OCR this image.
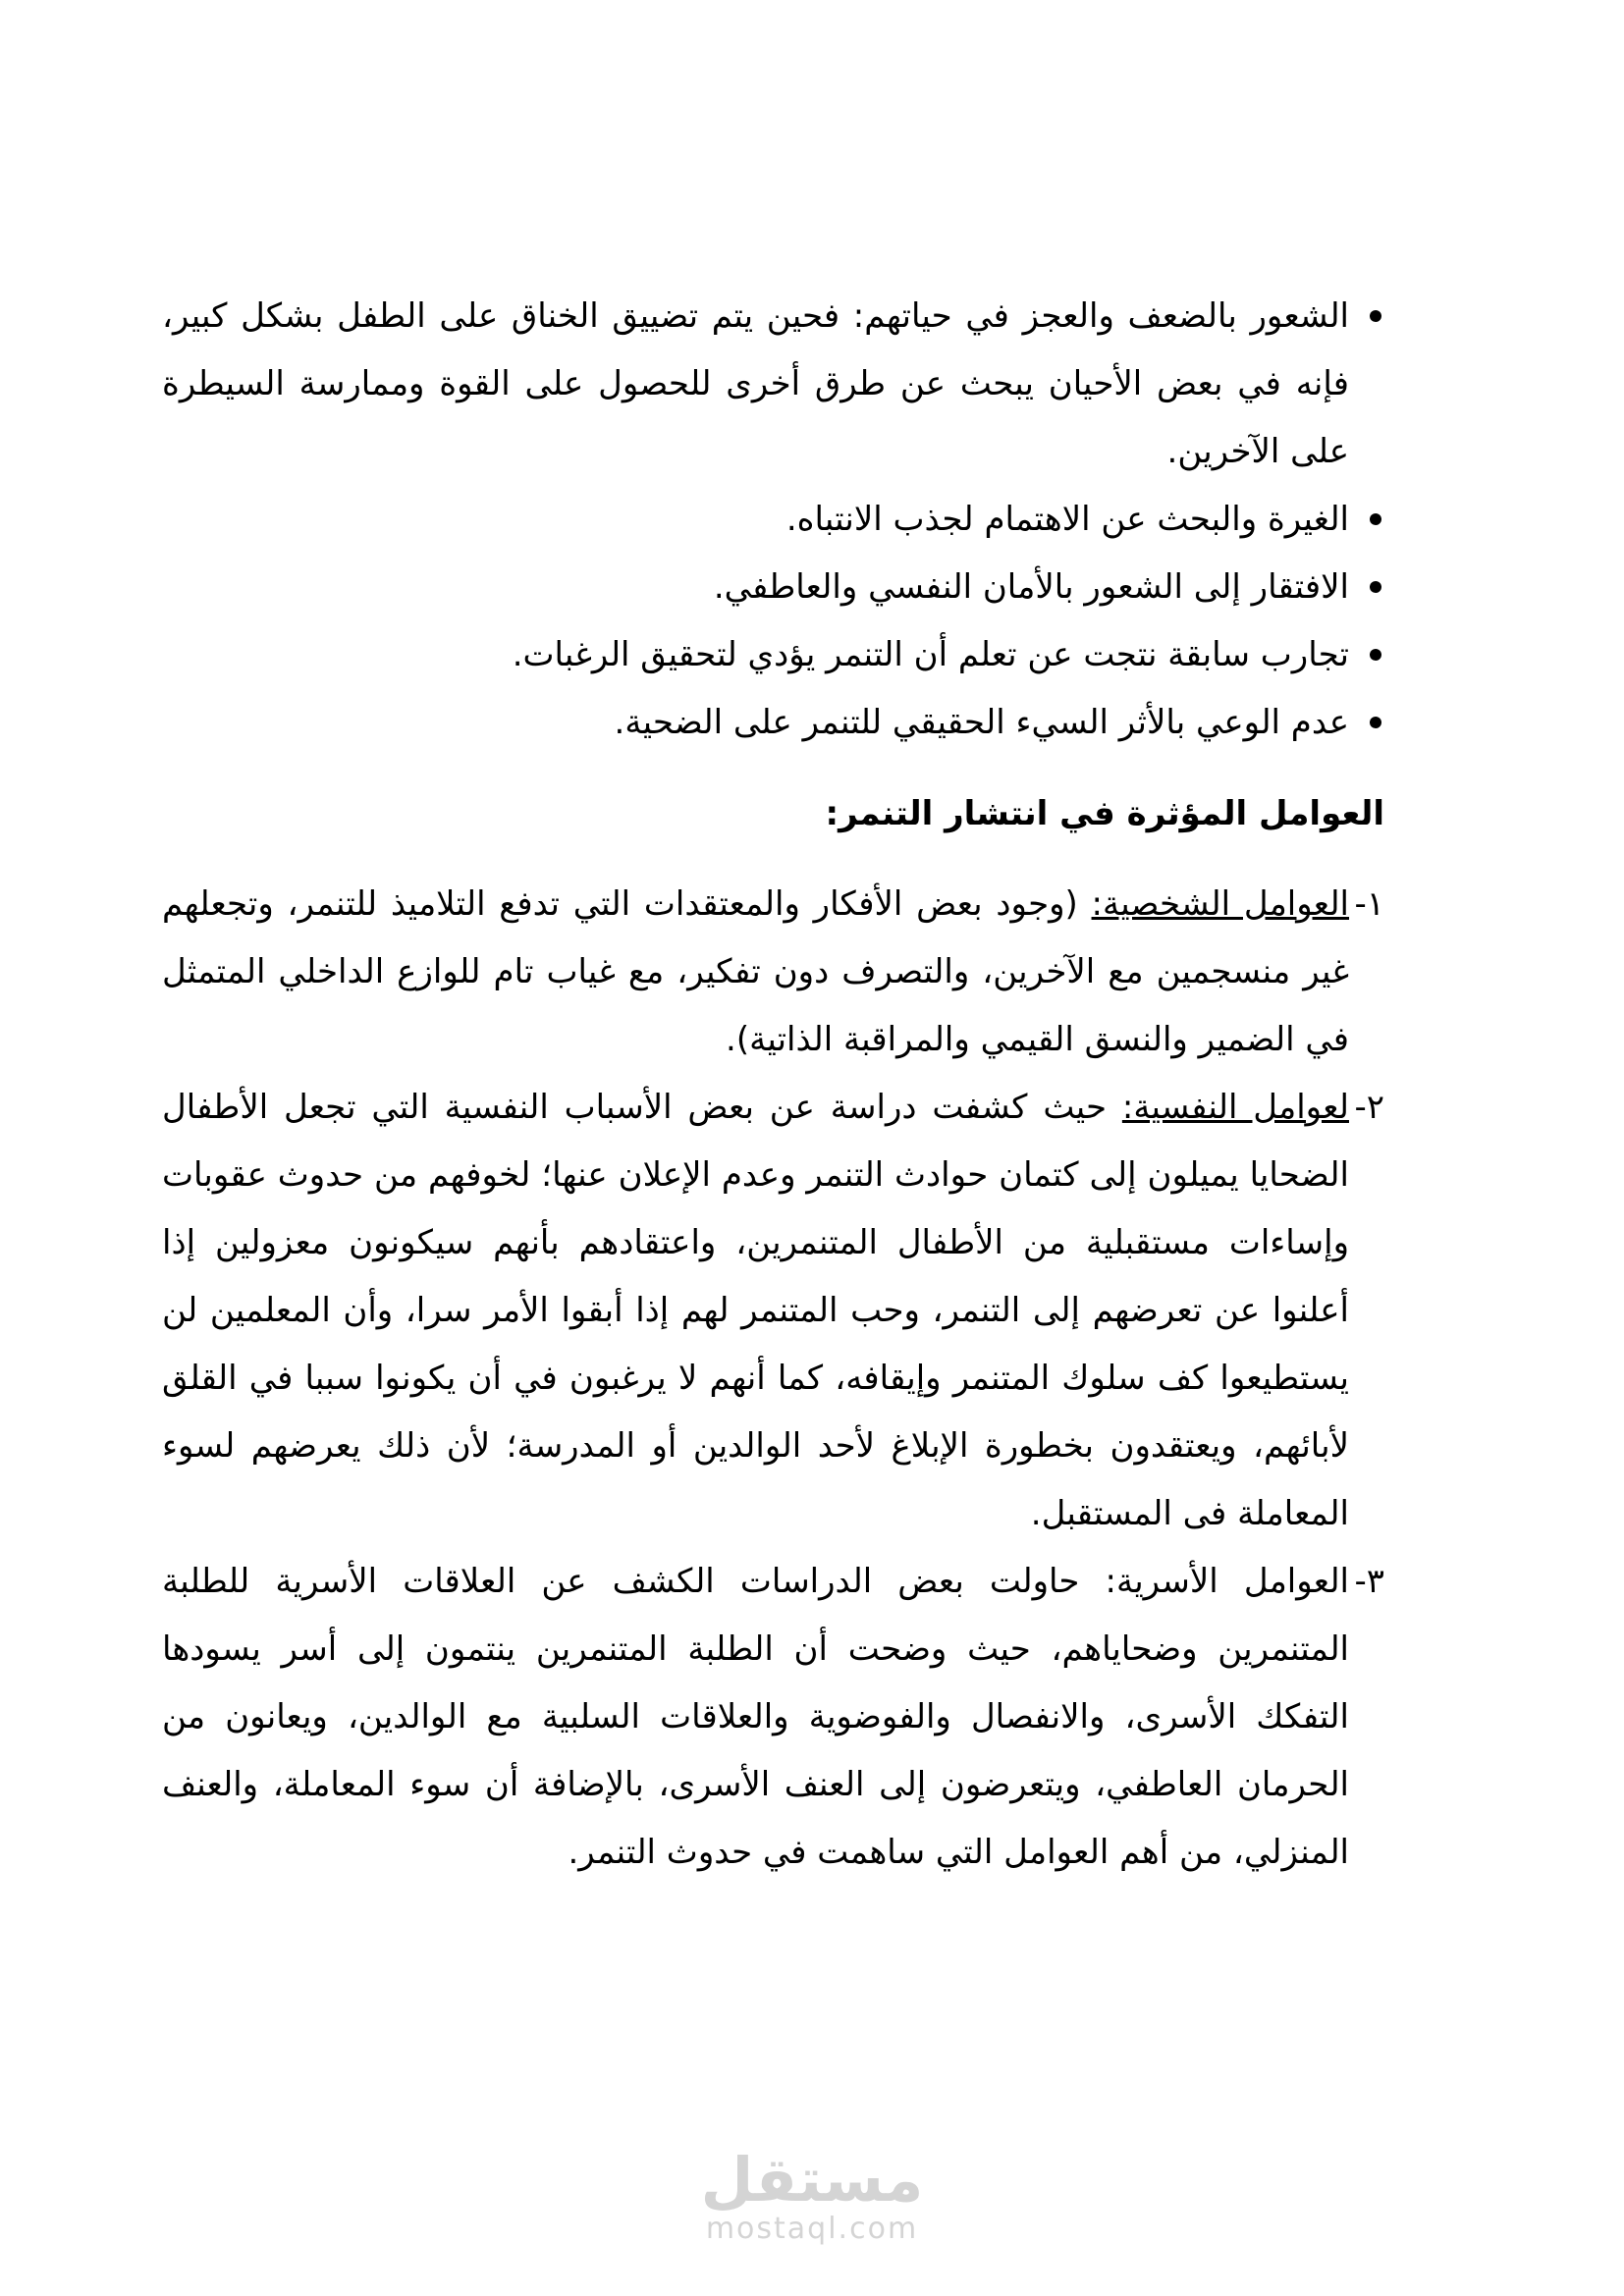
الشعور بالضعف والعجز في حياتهم: فحين يتم تضييق الخناق على الطفل بشكل كبير، فإنه في بعض الأحيان يبحث عن طرق أخرى للحصول على القوة وممارسة السيطرة على الآخرين.
الغيرة والبحث عن الاهتمام لجذب الانتباه.
الافتقار إلى الشعور بالأمان النفسي والعاطفي.
تجارب سابقة نتجت عن تعلم أن التنمر يؤدي لتحقيق الرغبات.
عدم الوعي بالأثر السيء الحقيقي للتنمر على الضحية.
العوامل المؤثرة في انتشار التنمر:
١-العوامل الشخصية: (وجود بعض الأفكار والمعتقدات التي تدفع التلاميذ للتنمر، وتجعلهم غير منسجمين مع الآخرين، والتصرف دون تفكير، مع غياب تام للوازع الداخلي المتمثل في الضمير والنسق القيمي والمراقبة الذاتية).
٢-لعوامل النفسية: حيث كشفت دراسة عن بعض الأسباب النفسية التي تجعل الأطفال الضحايا يميلون إلى كتمان حوادث التنمر وعدم الإعلان عنها؛ لخوفهم من حدوث عقوبات وإساءات مستقبلية من الأطفال المتنمرين، واعتقادهم بأنهم سيكونون معزولين إذا أعلنوا عن تعرضهم إلى التنمر، وحب المتنمر لهم إذا أبقوا الأمر سرا، وأن المعلمين لن يستطيعوا كف سلوك المتنمر وإيقافه، كما أنهم لا يرغبون في أن يكونوا سببا في القلق لأبائهم، ويعتقدون بخطورة الإبلاغ لأحد الوالدين أو المدرسة؛ لأن ذلك يعرضهم لسوء المعاملة فى المستقبل.
٣-العوامل الأسرية: حاولت بعض الدراسات الكشف عن العلاقات الأسرية للطلبة المتنمرين وضحاياهم، حيث وضحت أن الطلبة المتنمرين ينتمون إلى أسر يسودها التفكك الأسرى، والانفصال والفوضوية والعلاقات السلبية مع الوالدين، ويعانون من الحرمان العاطفي، ويتعرضون إلى العنف الأسرى، بالإضافة أن سوء المعاملة، والعنف المنزلي، من أهم العوامل التي ساهمت في حدوث التنمر.
مستقل
mostaql.com
